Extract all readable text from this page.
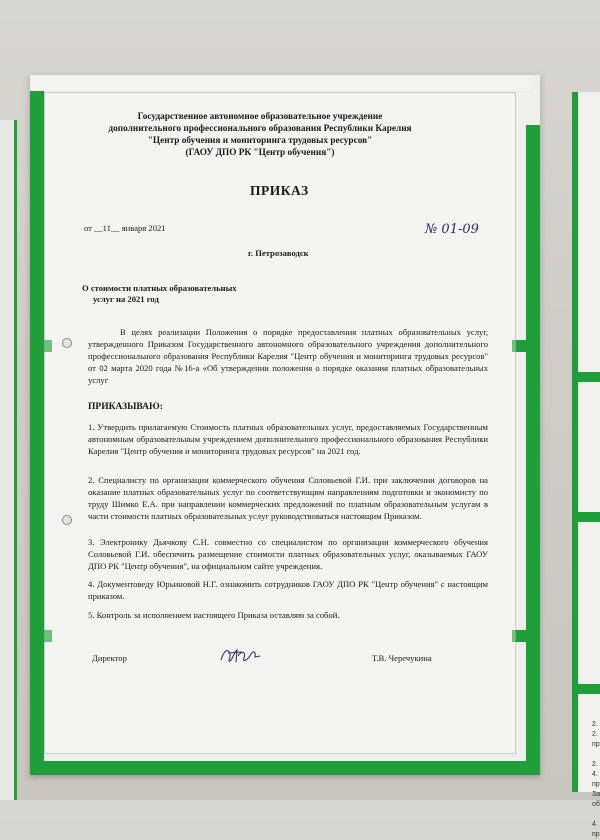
2.
2.
пр

2.
4.
пр
За
об

4.
пр
Государственное автономное образовательное учреждение
дополнительного профессионального образования Республики Карелия
"Центр обучения и мониторинга трудовых ресурсов"
(ГАОУ ДПО РК "Центр обучения")
ПРИКАЗ
от __11__ января 2021	№ 01-09
г. Петрозаводск
О стоимости платных образовательных
услуг на 2021 год
В целях реализации Положения о порядке предоставления платных образовательных услуг, утвержденного Приказом Государственного автономного образовательного учреждения дополнительного профессионального образования Республики Карелия "Центр обучения и мониторинга трудовых ресурсов" от 02 марта 2020 года №16-а «Об утверждении положения о порядке оказания платных образовательных услуг
ПРИКАЗЫВАЮ:
1. Утвердить прилагаемую Стоимость платных образовательных услуг, предоставляемых Государственным автономным образовательным учреждением дополнительного профессионального образования Республики Карелия "Центр обучения и мониторинга трудовых ресурсов" на 2021 год.
2. Специалисту по организации коммерческого обучения Соловьевой Г.И. при заключении договоров на оказание платных образовательных услуг по соответствующим направлениям подготовки и экономисту по труду Шимко Е.А. при направлении коммерческих предложений по платным образовательным услугам в части стоимости платных образовательных услуг руководствоваться настоящим Приказом.
3. Электронику Дьячкову С.Н. совместно со специалистом по организации коммерческого обучения Соловьевой Г.И. обеспечить размещение стоимости платных образовательных услуг, оказываемых ГАОУ ДПО РК "Центр обучения", на официальном сайте учреждения.
4. Документоведу Юрьиновой Н.Г. ознакомить сотрудников ГАОУ ДПО РК "Центр обучения" с настоящим приказом.
5. Контроль за исполнением настоящего Приказа оставляю за собой.
Директор	Т.В. Черечукина
